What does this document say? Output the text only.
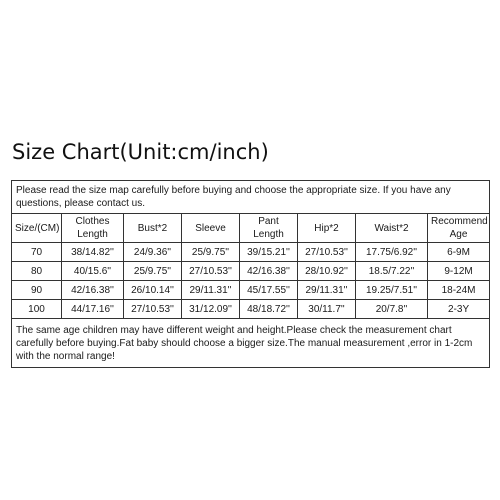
Size Chart(Unit:cm/inch)
Please read the size map carefully before buying and choose the appropriate size. If you have any questions, please contact us.							
Size/(CM)	Clothes Length	Bust*2	Sleeve	Pant Length	Hip*2	Waist*2	Recommend Age
70	38/14.82''	24/9.36''	25/9.75''	39/15.21''	27/10.53''	17.75/6.92''	6-9M
80	40/15.6''	25/9.75''	27/10.53''	42/16.38''	28/10.92''	18.5/7.22''	9-12M
90	42/16.38''	26/10.14''	29/11.31''	45/17.55''	29/11.31''	19.25/7.51''	18-24M
100	44/17.16''	27/10.53''	31/12.09''	48/18.72''	30/11.7''	20/7.8''	2-3Y
The same age children may have different weight and height.Please check the measurement chart carefully before buying.Fat baby should choose a bigger size.The manual measurement ,error in 1-2cm with the normal range!							
